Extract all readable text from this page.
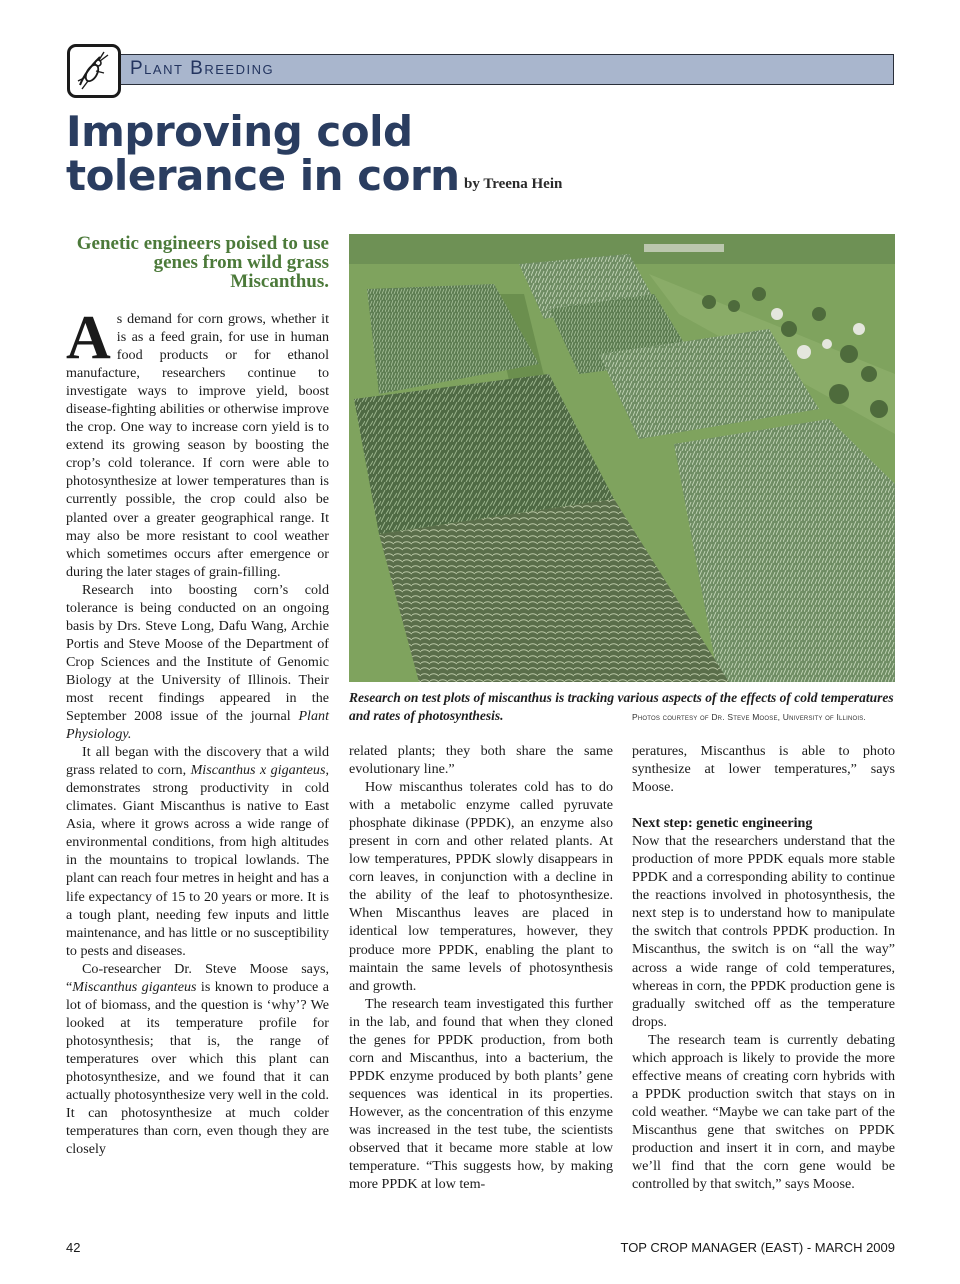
Plant Breeding
Improving cold tolerance in corn by Treena Hein
Genetic engineers poised to use genes from wild grass Miscanthus.
Research on test plots of miscanthus is tracking various aspects of the effects of cold temperatures and rates of photosynthesis.	Photos courtesy of Dr. Steve Moose, University of Illinois.

As demand for corn grows, whether it is as a feed grain, for use in human food products or for ethanol manufacture, researchers continue to investigate ways to improve yield, boost disease-fighting abilities or otherwise improve the crop. One way to increase corn yield is to extend its growing season by boosting the crop’s cold tolerance. If corn were able to photosynthesize at lower temperatures than is currently possible, the crop could also be planted over a greater geographical range. It may also be more resistant to cool weather which sometimes occurs after emergence or during the later stages of grain-filling.

Research into boosting corn’s cold tolerance is being conducted on an ongoing basis by Drs. Steve Long, Dafu Wang, Archie Portis and Steve Moose of the Department of Crop Sciences and the Institute of Genomic Biology at the University of Illinois. Their most recent findings appeared in the September 2008 issue of the journal Plant Physiology.

It all began with the discovery that a wild grass related to corn, Miscanthus x giganteus, demonstrates strong productivity in cold climates. Giant Miscanthus is native to East Asia, where it grows across a wide range of environmental conditions, from high altitudes in the mountains to tropical lowlands. The plant can reach four metres in height and has a life expectancy of 15 to 20 years or more. It is a tough plant, needing few inputs and little maintenance, and has little or no susceptibility to pests and diseases.

Co-researcher Dr. Steve Moose says, “Miscanthus giganteus is known to produce a lot of biomass, and the question is ‘why’? We looked at its temperature profile for photosynthesis; that is, the range of temperatures over which this plant can photosynthesize, and we found that it can actually photosynthesize very well in the cold. It can photosynthesize at much colder temperatures than corn, even though they are closely

related plants; they both share the same evolutionary line.”

How miscanthus tolerates cold has to do with a metabolic enzyme called pyruvate phosphate dikinase (PPDK), an enzyme also present in corn and other related plants. At low temperatures, PPDK slowly disappears in corn leaves, in conjunction with a decline in the ability of the leaf to photosynthesize. When Miscanthus leaves are placed in identical low temperatures, however, they produce more PPDK, enabling the plant to maintain the same levels of photosynthesis and growth.

The research team investigated this further in the lab, and found that when they cloned the genes for PPDK production, from both corn and Miscanthus, into a bacterium, the PPDK enzyme produced by both plants’ gene sequences was identical in its properties. However, as the concentration of this enzyme was increased in the test tube, the scientists observed that it became more stable at low temperature. “This suggests how, by making more PPDK at low tem-

peratures, Miscanthus is able to photo synthesize at lower temperatures,” says Moose.

Next step: genetic engineering

Now that the researchers understand that the production of more PPDK equals more stable PPDK and a corresponding ability to continue the reactions involved in photosynthesis, the next step is to understand how to manipulate the switch that controls PPDK production. In Miscanthus, the switch is on “all the way” across a wide range of cold temperatures, whereas in corn, the PPDK production gene is gradually switched off as the temperature drops.

The research team is currently debating which approach is likely to provide the more effective means of creating corn hybrids with a PPDK production switch that stays on in cold weather. “Maybe we can take part of the Miscanthus gene that switches on PPDK production and insert it in corn, and maybe we’ll find that the corn gene would be controlled by that switch,” says Moose.

42	TOP CROP MANAGER (EAST) - MARCH 2009
